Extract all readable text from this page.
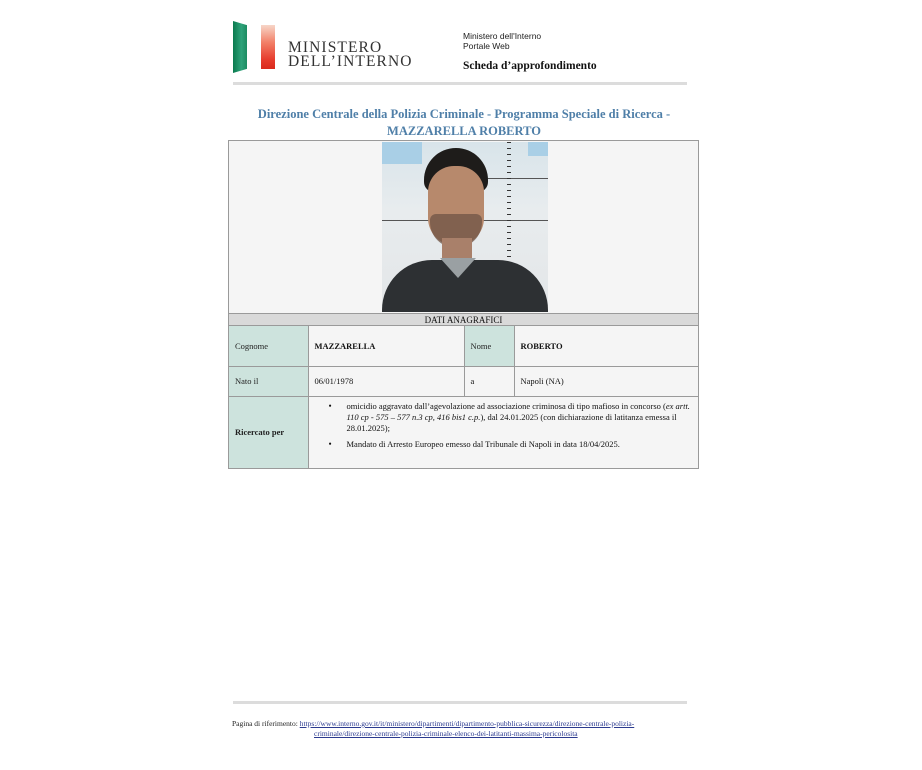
MINISTERO
DELL’INTERNO
Ministero dell'Interno
Portale Web
Scheda d’approfondimento
Direzione Centrale della Polizia Criminale - Programma Speciale di Ricerca -
MAZZARELLA ROBERTO
DATI ANAGRAFICI
Cognome	MAZZARELLA	Nome	ROBERTO
Nato il	06/01/1978	a	Napoli (NA)
Ricercato per	
• omicidio aggravato dall’agevolazione ad associazione criminosa di tipo mafioso in concorso (ex artt. 110 cp - 575 – 577 n.3 cp, 416 bis1 c.p.), dal 24.01.2025 (con dichiarazione di latitanza emessa il 28.01.2025);
• Mandato di Arresto Europeo emesso dal Tribunale di Napoli in data 18/04/2025.
Pagina di riferimento: https://www.interno.gov.it/it/ministero/dipartimenti/dipartimento-pubblica-sicurezza/direzione-centrale-polizia-
criminale/direzione-centrale-polizia-criminale-elenco-dei-latitanti-massima-pericolosita
